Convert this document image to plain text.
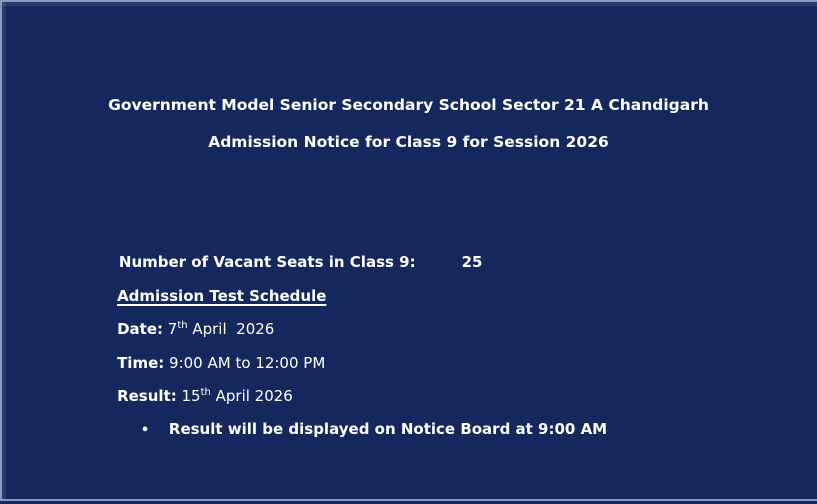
Government Model Senior Secondary School Sector 21 A Chandigarh
Admission Notice for Class 9 for Session 2026

Number of Vacant Seats in Class 9:	25

Admission Test Schedule

Date: 7th April  2026

Time: 9:00 AM to 12:00 PM

Result: 15th April 2026

• Result will be displayed on Notice Board at 9:00 AM
